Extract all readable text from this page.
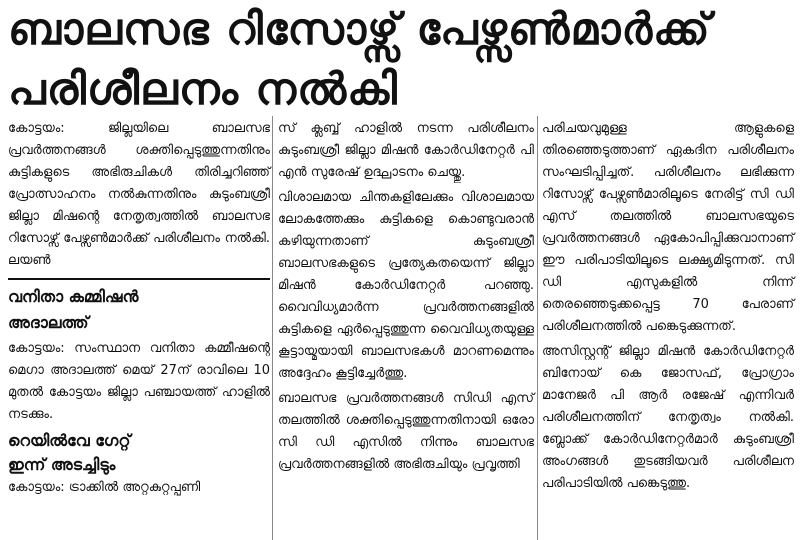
ബാലസഭ റിസോഴ്സ് പേഴ്സൺമാർക്ക്
പരിശീലനം നൽകി

കോട്ടയം: ജില്ലയിലെ ബാലസഭ പ്രവർത്തനങ്ങൾ ശക്തിപ്പെടുത്തുന്നതിനും കുട്ടികളുടെ അഭിരുചികൾ തിരിച്ചറിഞ്ഞ് പ്രോത്സാഹനം നൽകുന്നതിനും കുടുംബശ്രീ ജില്ലാ മിഷന്റെ നേതൃത്വത്തിൽ ബാലസഭ റിസോഴ്സ് പേഴ്സൺമാർക്ക് പരിശീലനം നൽകി. ലയൺ

വനിതാ കമ്മിഷൻ
അദാലത്ത്

കോട്ടയം: സംസ്ഥാന വനിതാ കമ്മീഷന്റെ മെഗാ അദാലത്ത് മെയ് 27ന് രാവിലെ 10 മുതൽ കോട്ടയം ജില്ലാ പഞ്ചായത്ത് ഹാളിൽ നടക്കും.

റെയിൽവേ ഗേറ്റ്
ഇന്ന് അടച്ചിടും

കോട്ടയം: ട്രാക്കിൽ അറ്റകുറ്റപ്പണി

സ് ക്ലബ്ബ് ഹാളിൽ നടന്ന പരിശീലനം കുടുംബശ്രീ ജില്ലാ മിഷൻ കോർഡിനേറ്റർ പി എൻ സുരേഷ് ഉദ്ഘാടനം ചെയ്തു.

വിശാലമായ ചിന്തകളിലേക്കും വിശാലമായ ലോകത്തേക്കും കുട്ടികളെ കൊണ്ടുവരാൻ കഴിയുന്നതാണ് കുടുംബശ്രീ ബാലസഭകളുടെ പ്രത്യേകതയെന്ന് ജില്ലാ മിഷൻ കോർഡിനേറ്റർ പറഞ്ഞു. വൈവിധ്യമാർന്ന പ്രവർത്തനങ്ങളിൽ കുട്ടികളെ ഏർപ്പെടുത്തുന്ന വൈവിധ്യതയുള്ള കൂട്ടായ്മയായി ബാലസഭകൾ മാറണമെന്നും അദ്ദേഹം കൂട്ടിച്ചേർത്തു.

ബാലസഭ പ്രവർത്തനങ്ങൾ സിഡി എസ് തലത്തിൽ ശക്തിപ്പെടുത്തുന്നതിനായി ഒരോ സി ഡി എസിൽ നിന്നും ബാലസഭ പ്രവർത്തനങ്ങളിൽ അഭിരുചിയും പ്രവൃത്തി

പരിചയവുമുള്ള ആളുകളെ തിരഞ്ഞെടുത്താണ് ഏകദിന പരിശീലനം സംഘടിപ്പിച്ചത്. പരിശീലനം ലഭിക്കുന്ന റിസോഴ്സ് പേഴ്സൺമാരിലൂടെ നേരിട്ട് സി ഡി എസ് തലത്തിൽ ബാലസഭയുടെ പ്രവർത്തനങ്ങൾ ഏകോപിപ്പിക്കുവാനാണ് ഈ പരിപാടിയിലൂടെ ലക്ഷ്യമിടുന്നത്. സി ഡി എസുകളിൽ നിന്ന് തെരഞ്ഞെടുക്കപ്പെട്ട 70 പേരാണ് പരിശീലനത്തിൽ പങ്കെടുക്കുന്നത്.

അസിസ്റ്റന്റ് ജില്ലാ മിഷൻ കോർഡിനേറ്റർ ബിനോയ് കെ ജോസഫ്, പ്രോഗ്രാം മാനേജർ പി ആർ രജേഷ് എന്നിവർ പരിശീലനത്തിന് നേതൃത്വം നൽകി. ബ്ലോക്ക് കോർഡിനേറ്റർമാർ കുടുംബശ്രീ അംഗങ്ങൾ തുടങ്ങിയവർ പരിശീലന പരിപാടിയിൽ പങ്കെടുത്തു.
